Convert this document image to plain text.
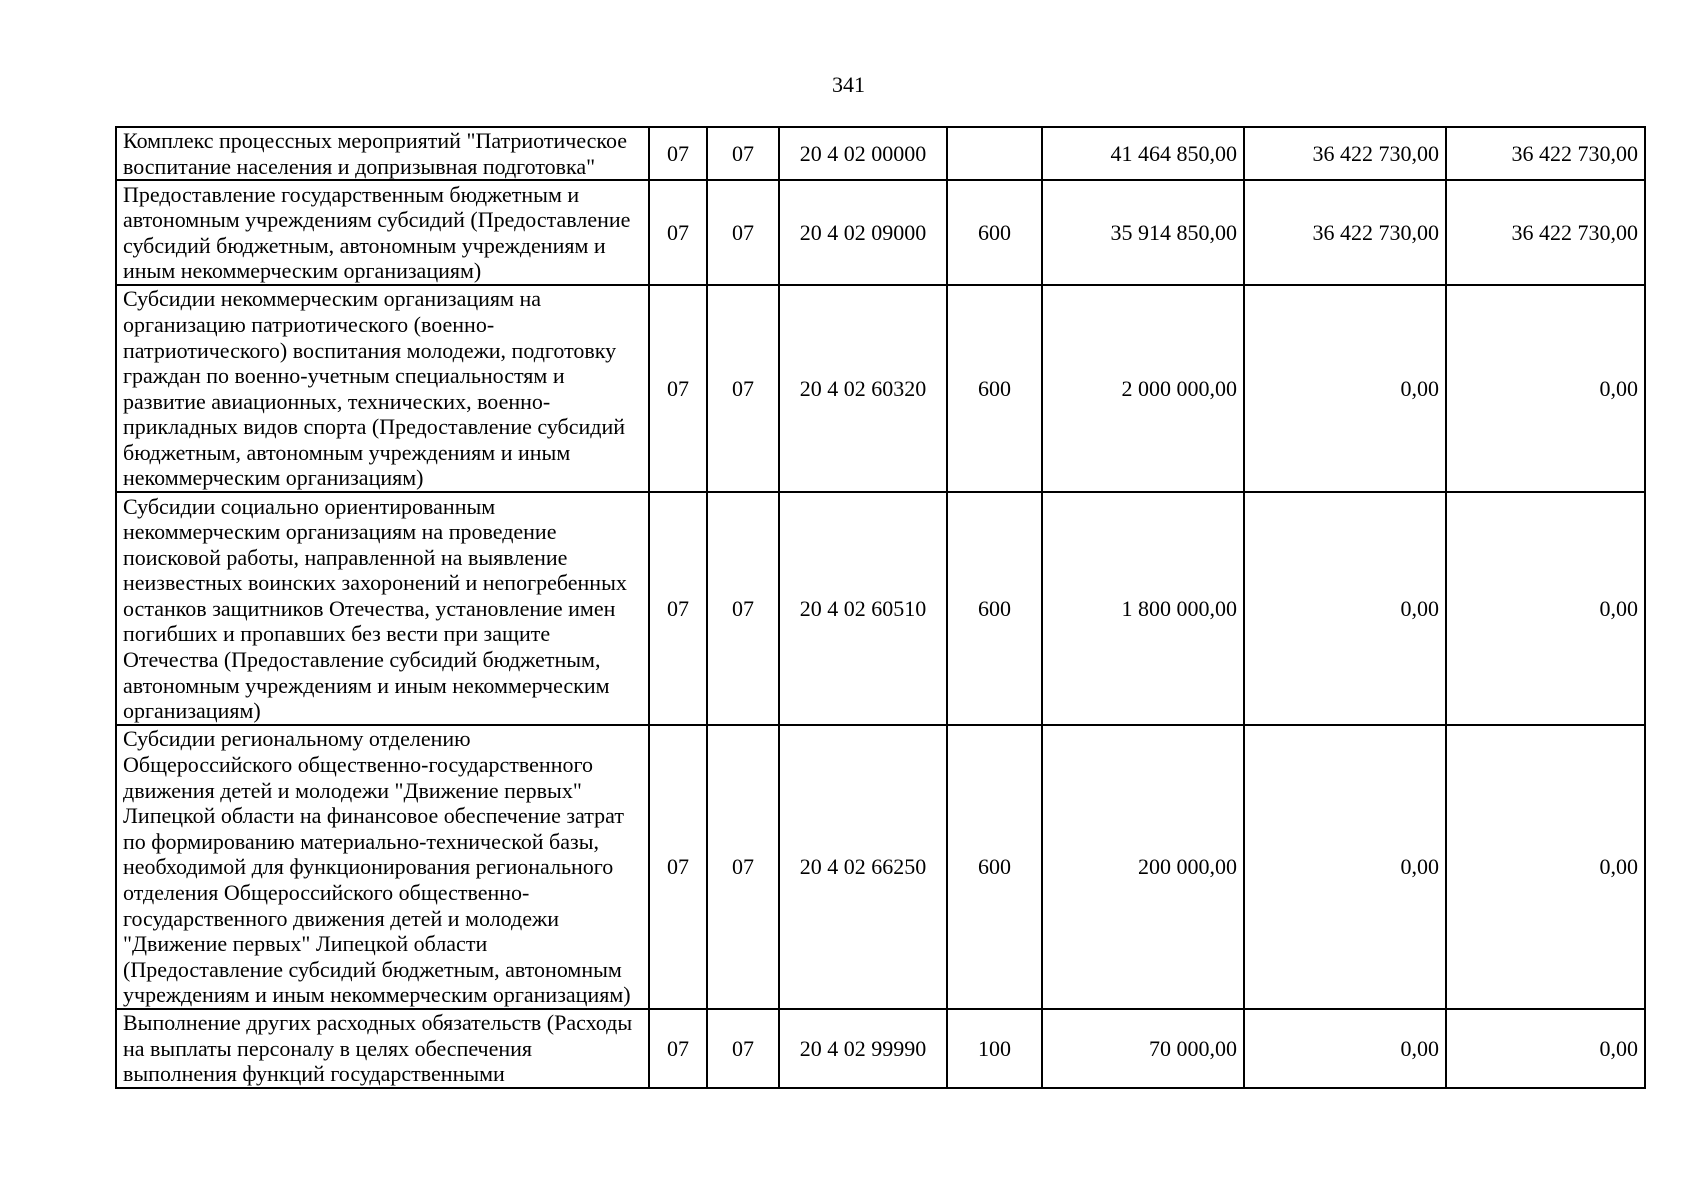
341
Комплекс процессных мероприятий "Патриотическое воспитание населения и допризывная подготовка"	07	07	20 4 02 00000		41 464 850,00	36 422 730,00	36 422 730,00
Предоставление государственным бюджетным и автономным учреждениям субсидий (Предоставление субсидий бюджетным, автономным учреждениям и иным некоммерческим организациям)	07	07	20 4 02 09000	600	35 914 850,00	36 422 730,00	36 422 730,00
Субсидии некоммерческим организациям на организацию патриотического (военно-патриотического) воспитания молодежи, подготовку граждан по военно-учетным специальностям и развитие авиационных, технических, военно-прикладных видов спорта (Предоставление субсидий бюджетным, автономным учреждениям и иным некоммерческим организациям)	07	07	20 4 02 60320	600	2 000 000,00	0,00	0,00
Субсидии социально ориентированным некоммерческим организациям на проведение поисковой работы, направленной на выявление неизвестных воинских захоронений и непогребенных останков защитников Отечества, установление имен погибших и пропавших без вести при защите Отечества (Предоставление субсидий бюджетным, автономным учреждениям и иным некоммерческим организациям)	07	07	20 4 02 60510	600	1 800 000,00	0,00	0,00
Субсидии региональному отделению Общероссийского общественно-государственного движения детей и молодежи "Движение первых" Липецкой области на финансовое обеспечение затрат по формированию материально-технической базы, необходимой для функционирования регионального отделения Общероссийского общественно-государственного движения детей и молодежи "Движение первых" Липецкой области (Предоставление субсидий бюджетным, автономным учреждениям и иным некоммерческим организациям)	07	07	20 4 02 66250	600	200 000,00	0,00	0,00
Выполнение других расходных обязательств (Расходы на выплаты персоналу в целях обеспечения выполнения функций государственными	07	07	20 4 02 99990	100	70 000,00	0,00	0,00
